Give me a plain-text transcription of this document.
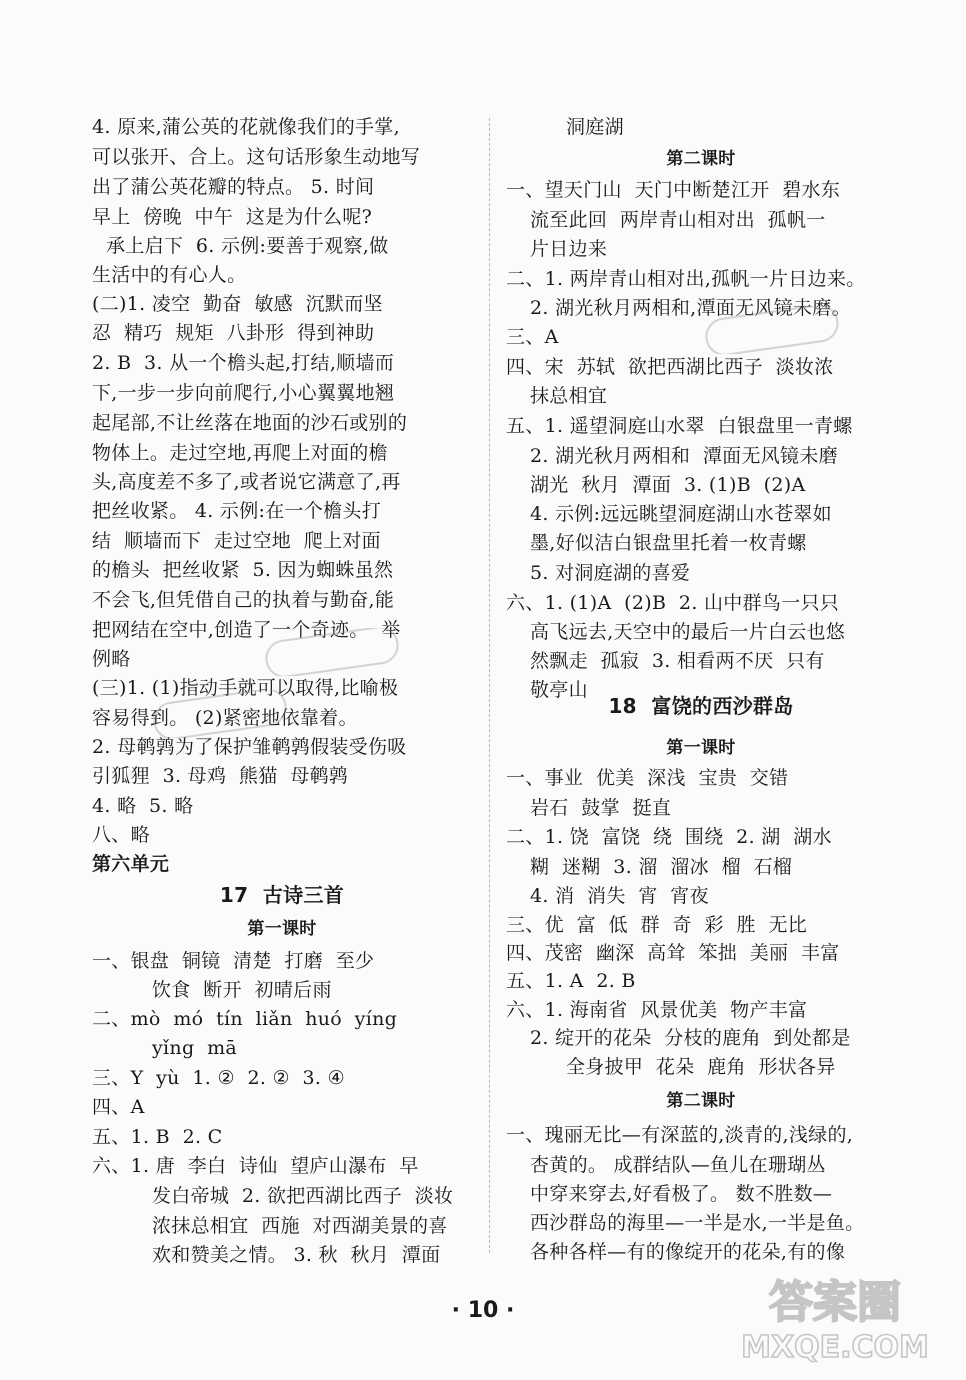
4. 原来,蒲公英的花就像我们的手掌,
可以张开、合上。这句话形象生动地写
出了蒲公英花瓣的特点。 5. 时间
早上  傍晚  中午  这是为什么呢?
承上启下  6. 示例:要善于观察,做
生活中的有心人。
(二)1. 凌空  勤奋  敏感  沉默而坚
忍  精巧  规矩  八卦形  得到神助
2. B  3. 从一个檐头起,打结,顺墙而
下,一步一步向前爬行,小心翼翼地翘
起尾部,不让丝落在地面的沙石或别的
物体上。走过空地,再爬上对面的檐
头,高度差不多了,或者说它满意了,再
把丝收紧。 4. 示例:在一个檐头打
结  顺墙而下  走过空地  爬上对面
的檐头  把丝收紧  5. 因为蜘蛛虽然
不会飞,但凭借自己的执着与勤奋,能
把网结在空中,创造了一个奇迹。  举
例略
(三)1. (1)指动手就可以取得,比喻极
容易得到。 (2)紧密地依靠着。
2. 母鹌鹑为了保护雏鹌鹑假装受伤吸
引狐狸  3. 母鸡  熊猫  母鹌鹑
4. 略  5. 略
八、略
第六单元
17  古诗三首
第一课时
一、银盘  铜镜  清楚  打磨  至少
饮食  断开  初晴后雨
二、mò  mó  tín  liǎn  huó  yíng
yǐng  mā
三、Y  yù  1. ②  2. ②  3. ④
四、A
五、1. B  2. C
六、1. 唐  李白  诗仙  望庐山瀑布  早
发白帝城  2. 欲把西湖比西子  淡妆
浓抹总相宜  西施  对西湖美景的喜
欢和赞美之情。 3. 秋  秋月  潭面
洞庭湖
第二课时
一、望天门山  天门中断楚江开  碧水东
流至此回  两岸青山相对出  孤帆一
片日边来
二、1. 两岸青山相对出,孤帆一片日边来。
2. 湖光秋月两相和,潭面无风镜未磨。
三、A
四、宋  苏轼  欲把西湖比西子  淡妆浓
抹总相宜
五、1. 遥望洞庭山水翠  白银盘里一青螺
2. 湖光秋月两相和  潭面无风镜未磨
湖光  秋月  潭面  3. (1)B  (2)A
4. 示例:远远眺望洞庭湖山水苍翠如
墨,好似洁白银盘里托着一枚青螺
5. 对洞庭湖的喜爱
六、1. (1)A  (2)B  2. 山中群鸟一只只
高飞远去,天空中的最后一片白云也悠
然飘走  孤寂  3. 相看两不厌  只有
敬亭山
18  富饶的西沙群岛
第一课时
一、事业  优美  深浅  宝贵  交错
岩石  鼓掌  挺直
二、1. 饶  富饶  绕  围绕  2. 湖  湖水
糊  迷糊  3. 溜  溜冰  榴  石榴
4. 消  消失  宵  宵夜
三、优  富  低  群  奇  彩  胜  无比
四、茂密  幽深  高耸  笨拙  美丽  丰富
五、1. A  2. B
六、1. 海南省  风景优美  物产丰富
2. 绽开的花朵  分枝的鹿角  到处都是
全身披甲  花朵  鹿角  形状各异
第二课时
一、瑰丽无比—有深蓝的,淡青的,浅绿的,
杏黄的。 成群结队—鱼儿在珊瑚丛
中穿来穿去,好看极了。 数不胜数—
西沙群岛的海里—一半是水,一半是鱼。
各种各样—有的像绽开的花朵,有的像
· 10 ·	答案圈
MXQE.COM
